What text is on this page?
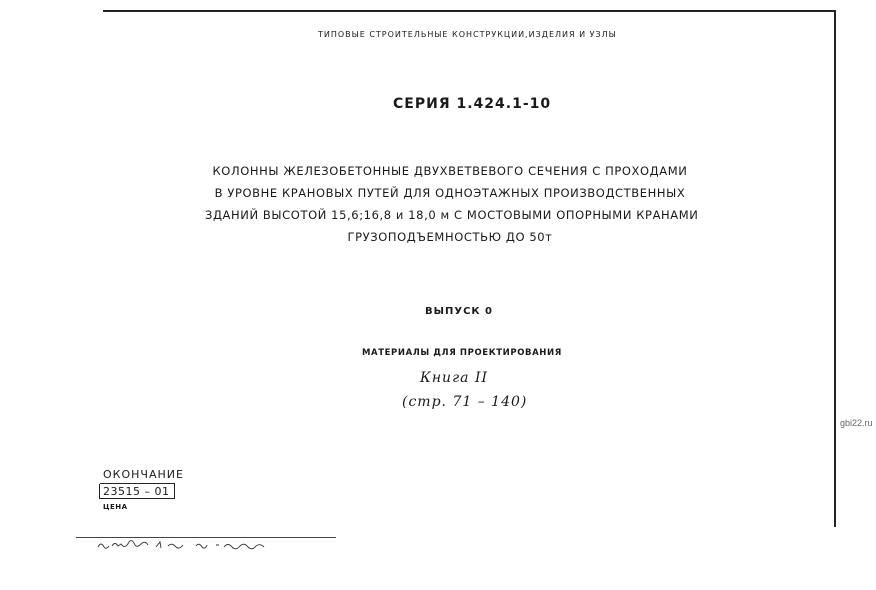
ТИПОВЫЕ СТРОИТЕЛЬНЫЕ КОНСТРУКЦИИ,ИЗДЕЛИЯ И УЗЛЫ
СЕРИЯ 1.424.1-10
КОЛОННЫ ЖЕЛЕЗОБЕТОННЫЕ ДВУХВЕТВЕВОГО СЕЧЕНИЯ С ПРОХОДАМИ
В УРОВНЕ КРАНОВЫХ ПУТЕЙ ДЛЯ ОДНОЭТАЖНЫХ ПРОИЗВОДСТВЕННЫХ
ЗДАНИЙ ВЫСОТОЙ 15,6;16,8 и 18,0 м С МОСТОВЫМИ ОПОРНЫМИ КРАНАМИ
ГРУЗОПОДЪЕМНОСТЬЮ ДО 50т
ВЫПУСК 0
МАТЕРИАЛЫ ДЛЯ ПРОЕКТИРОВАНИЯ
Книга II
(стр. 71 – 140)
gbi22.ru
ОКОНЧАНИЕ
23515 – 01
ЦЕНА
